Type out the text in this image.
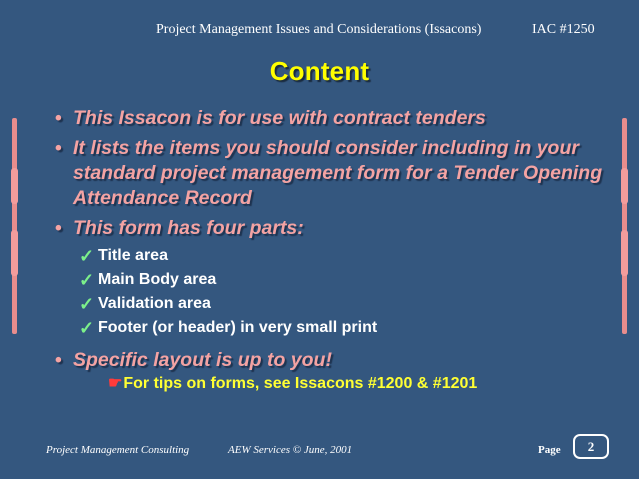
Project Management Issues and Considerations (Issacons)	IAC #1250
Content
• This Issacon is for use with contract tenders
• It lists the items you should consider including in your standard project management form for a Tender Opening Attendance Record
• This form has four parts:
✓ Title area
✓ Main Body area
✓ Validation area
✓ Footer (or header) in very small print
• Specific layout is up to you!
☛For tips on forms, see Issacons #1200 & #1201
Project Management Consulting	AEW Services © June, 2001	Page	2
